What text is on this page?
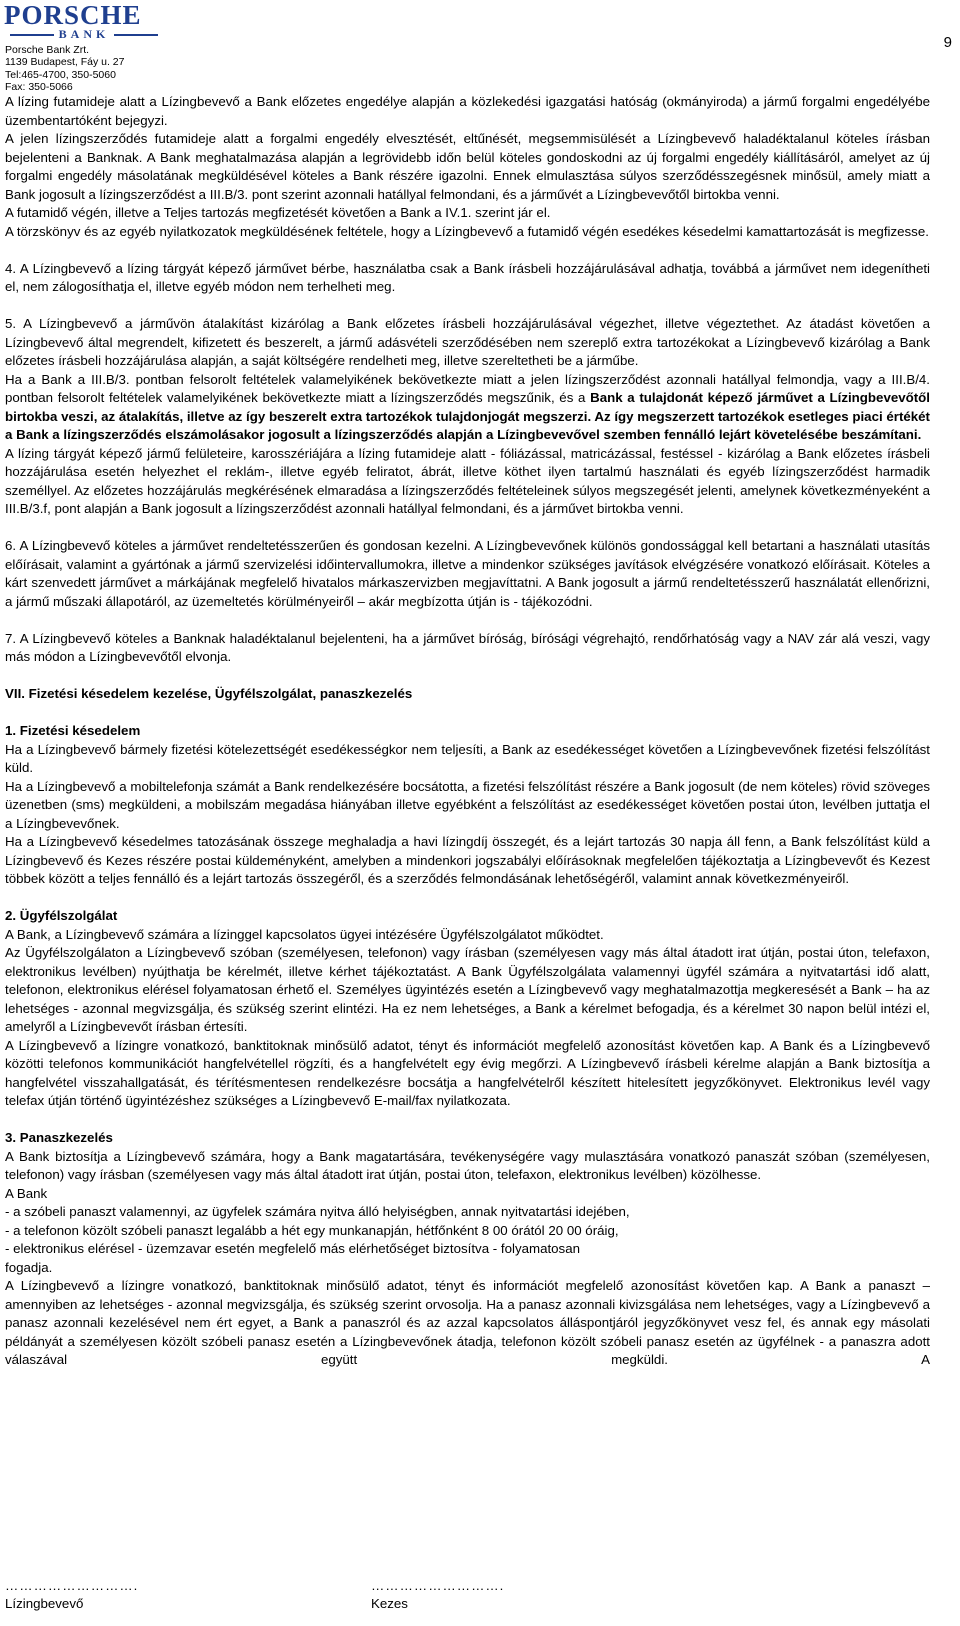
PORSCHE
BANK
Porsche Bank Zrt.
1139 Budapest, Fáy u. 27
Tel:465-4700, 350-5060
Fax: 350-5066
9

A lízing futamideje alatt a Lízingbevevő a Bank előzetes engedélye alapján a közlekedési igazgatási hatóság (okmányiroda) a jármű forgalmi engedélyébe üzembentartóként bejegyzi.

A jelen lízingszerződés futamideje alatt a forgalmi engedély elvesztését, eltűnését, megsemmisülését a Lízingbevevő haladéktalanul köteles írásban bejelenteni a Banknak. A Bank meghatalmazása alapján a legrövidebb időn belül köteles gondoskodni az új forgalmi engedély kiállításáról, amelyet az új forgalmi engedély másolatának megküldésével köteles a Bank részére igazolni. Ennek elmulasztása súlyos szerződésszegésnek minősül, amely miatt a Bank jogosult a lízingszerződést a III.B/3. pont szerint azonnali hatállyal felmondani, és a járművét a Lízingbevevőtől birtokba venni.

A futamidő végén, illetve a Teljes tartozás megfizetését követően a Bank a IV.1. szerint jár el.

A törzskönyv és az egyéb nyilatkozatok megküldésének feltétele, hogy a Lízingbevevő a futamidő végén esedékes késedelmi kamattartozását is megfizesse.

4. A Lízingbevevő a lízing tárgyát képező járművet bérbe, használatba csak a Bank írásbeli hozzájárulásával adhatja, továbbá a járművet nem idegenítheti el, nem zálogosíthatja el, illetve egyéb módon nem terhelheti meg.

5. A Lízingbevevő a járművön átalakítást kizárólag a Bank előzetes írásbeli hozzájárulásával végezhet, illetve végeztethet. Az átadást követően a Lízingbevevő által megrendelt, kifizetett és beszerelt, a jármű adásvételi szerződésében nem szereplő extra tartozékokat a Lízingbevevő kizárólag a Bank előzetes írásbeli hozzájárulása alapján, a saját költségére rendelheti meg, illetve szereltetheti be a járműbe.

Ha a Bank a III.B/3. pontban felsorolt feltételek valamelyikének bekövetkezte miatt a jelen lízingszerződést azonnali hatállyal felmondja, vagy a III.B/4. pontban felsorolt feltételek valamelyikének bekövetkezte miatt a lízingszerződés megszűnik, és a Bank a tulajdonát képező járművet a Lízingbevevőtől birtokba veszi, az átalakítás, illetve az így beszerelt extra tartozékok tulajdonjogát megszerzi. Az így megszerzett tartozékok esetleges piaci értékét a Bank a lízingszerződés elszámolásakor jogosult a lízingszerződés alapján a Lízingbevevővel szemben fennálló lejárt követelésébe beszámítani.

A lízing tárgyát képező jármű felületeire, karosszériájára a lízing futamideje alatt - fóliázással, matricázással, festéssel - kizárólag a Bank előzetes írásbeli hozzájárulása esetén helyezhet el reklám-, illetve egyéb feliratot, ábrát, illetve köthet ilyen tartalmú használati és egyéb lízingszerződést harmadik személlyel. Az előzetes hozzájárulás megkérésének elmaradása a lízingszerződés feltételeinek súlyos megszegését jelenti, amelynek következményeként a III.B/3.f, pont alapján a Bank jogosult a lízingszerződést azonnali hatállyal felmondani, és a járművet birtokba venni.

6. A Lízingbevevő köteles a járművet rendeltetésszerűen és gondosan kezelni. A Lízingbevevőnek különös gondossággal kell betartani a használati utasítás előírásait, valamint a gyártónak a jármű szervizelési időintervallumokra, illetve a mindenkor szükséges javítások elvégzésére vonatkozó előírásait. Köteles a kárt szenvedett járművet a márkájának megfelelő hivatalos márkaszervizben megjavíttatni. A Bank jogosult a jármű rendeltetésszerű használatát ellenőrizni, a jármű műszaki állapotáról, az üzemeltetés körülményeiről – akár megbízotta útján is - tájékozódni.

7. A Lízingbevevő köteles a Banknak haladéktalanul bejelenteni, ha a járművet bíróság, bírósági végrehajtó, rendőrhatóság vagy a NAV zár alá veszi, vagy más módon a Lízingbevevőtől elvonja.

VII. Fizetési késedelem kezelése, Ügyfélszolgálat, panaszkezelés

1. Fizetési késedelem

Ha a Lízingbevevő bármely fizetési kötelezettségét esedékességkor nem teljesíti, a Bank az esedékességet követően a Lízingbevevőnek fizetési felszólítást küld.

Ha a Lízingbevevő a mobiltelefonja számát a Bank rendelkezésére bocsátotta, a fizetési felszólítást részére a Bank jogosult (de nem köteles) rövid szöveges üzenetben (sms) megküldeni, a mobilszám megadása hiányában illetve egyébként a felszólítást az esedékességet követően postai úton, levélben juttatja el a Lízingbevevőnek.

Ha a Lízingbevevő késedelmes tatozásának összege meghaladja a havi lízingdíj összegét, és a lejárt tartozás 30 napja áll fenn, a Bank felszólítást küld a Lízingbevevő és Kezes részére postai küldeményként, amelyben a mindenkori jogszabályi előírásoknak megfelelően tájékoztatja a Lízingbevevőt és Kezest többek között a teljes fennálló és a lejárt tartozás összegéről, és a szerződés felmondásának lehetőségéről, valamint annak következményeiről.

2. Ügyfélszolgálat

A Bank, a Lízingbevevő számára a lízinggel kapcsolatos ügyei intézésére Ügyfélszolgálatot működtet.

Az Ügyfélszolgálaton a Lízingbevevő szóban (személyesen, telefonon) vagy írásban (személyesen vagy más által átadott irat útján, postai úton, telefaxon, elektronikus levélben) nyújthatja be kérelmét, illetve kérhet tájékoztatást. A Bank Ügyfélszolgálata valamennyi ügyfél számára a nyitvatartási idő alatt, telefonon, elektronikus elérésel folyamatosan érhető el. Személyes ügyintézés esetén a Lízingbevevő vagy meghatalmazottja megkeresését a Bank – ha az lehetséges - azonnal megvizsgálja, és szükség szerint elintézi. Ha ez nem lehetséges, a Bank a kérelmet befogadja, és a kérelmet 30 napon belül intézi el, amelyről a Lízingbevevőt írásban értesíti.

A Lízingbevevő a lízingre vonatkozó, banktitoknak minősülő adatot, tényt és információt megfelelő azonosítást követően kap. A Bank és a Lízingbevevő közötti telefonos kommunikációt hangfelvétellel rögzíti, és a hangfelvételt egy évig megőrzi. A Lízingbevevő írásbeli kérelme alapján a Bank biztosítja a hangfelvétel visszahallgatását, és térítésmentesen rendelkezésre bocsátja a hangfelvételről készített hitelesített jegyzőkönyvet. Elektronikus levél vagy telefax útján történő ügyintézéshez szükséges a Lízingbevevő E-mail/fax nyilatkozata.

3. Panaszkezelés

A Bank biztosítja a Lízingbevevő számára, hogy a Bank magatartására, tevékenységére vagy mulasztására vonatkozó panaszát szóban (személyesen, telefonon) vagy írásban (személyesen vagy más által átadott irat útján, postai úton, telefaxon, elektronikus levélben) közölhesse.

A Bank

- a szóbeli panaszt valamennyi, az ügyfelek számára nyitva álló helyiségben, annak nyitvatartási idejében,

- a telefonon közölt szóbeli panaszt legalább a hét egy munkanapján, hétfőnként 8 00 órától 20 00 óráig,

- elektronikus elérésel - üzemzavar esetén megfelelő más elérhetőséget biztosítva - folyamatosan

fogadja.

A Lízingbevevő a lízingre vonatkozó, banktitoknak minősülő adatot, tényt és információt megfelelő azonosítást követően kap. A Bank a panaszt – amennyiben az lehetséges - azonnal megvizsgálja, és szükség szerint orvosolja. Ha a panasz azonnali kivizsgálása nem lehetséges, vagy a Lízingbevevő a panasz azonnali kezelésével nem ért egyet, a Bank a panaszról és az azzal kapcsolatos álláspontjáról jegyzőkönyvet vesz fel, és annak egy másolati példányát a személyesen közölt szóbeli panasz esetén a Lízingbevevőnek átadja, telefonon közölt szóbeli panasz esetén az ügyfélnek - a panaszra adott válaszával együtt megküldi. A

……………………….
Lízingbevevő
……………………….
Kezes
